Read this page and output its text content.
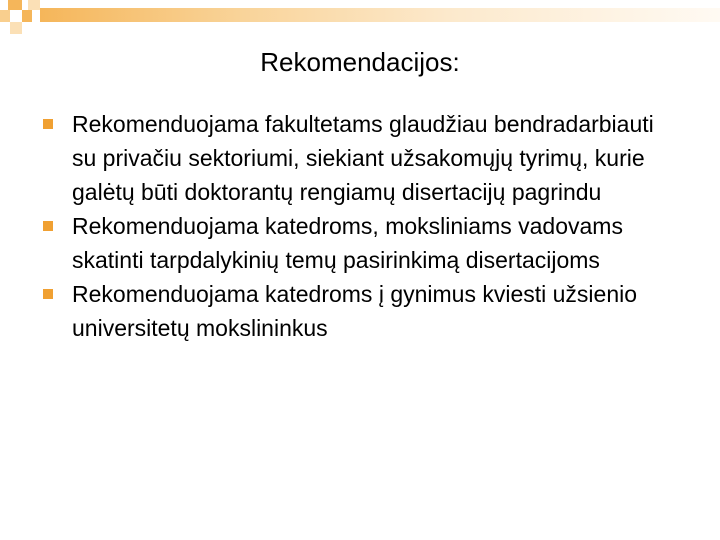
Rekomendacijos:
Rekomenduojama fakultetams glaudžiau bendradarbiauti su privačiu sektoriumi, siekiant užsakomųjų tyrimų, kurie galėtų būti doktorantų rengiamų disertacijų pagrindu
Rekomenduojama katedroms, moksliniams vadovams skatinti tarpdalykinių temų pasirinkimą disertacijoms
Rekomenduojama katedroms į gynimus kviesti užsienio universitetų mokslininkus
